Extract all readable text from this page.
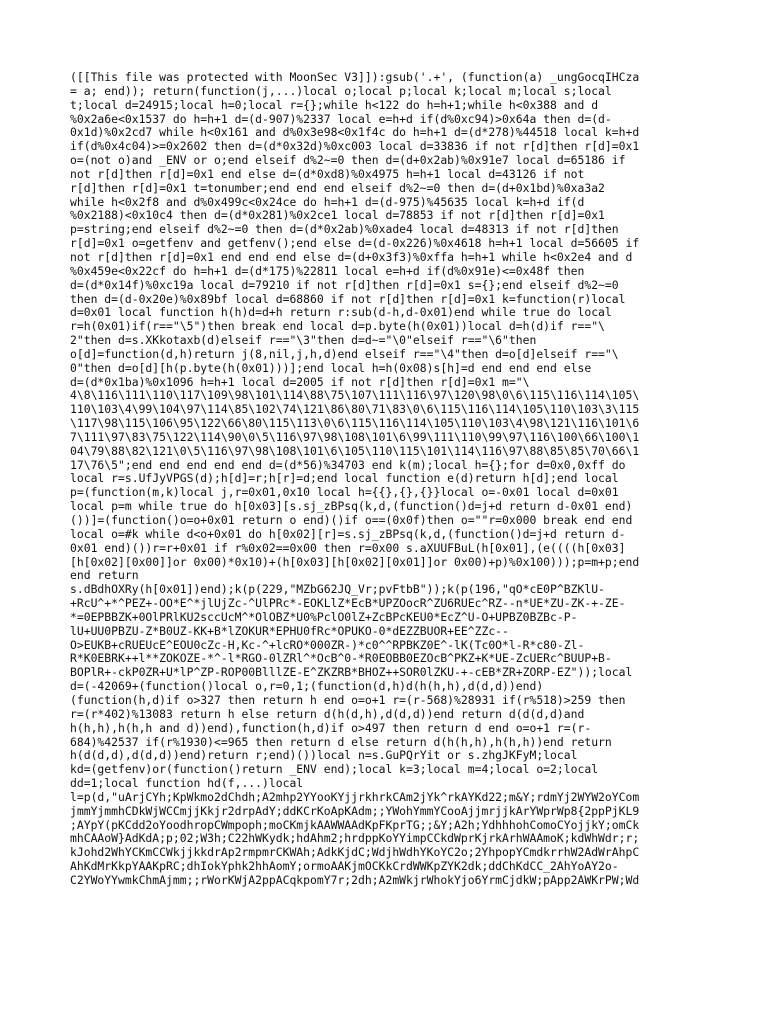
([[This file was protected with MoonSec V3]]):gsub('.+', (function(a) _ungGocqIHCza
= a; end)); return(function(j,...)local o;local p;local k;local m;local s;local
t;local d=24915;local h=0;local r={};while h<122 do h=h+1;while h<0x388 and d
%0x2a6e<0x1537 do h=h+1 d=(d-907)%2337 local e=h+d if(d%0xc94)>0x64a then d=(d-
0x1d)%0x2cd7 while h<0x161 and d%0x3e98<0x1f4c do h=h+1 d=(d*278)%44518 local k=h+d
if(d%0x4c04)>=0x2602 then d=(d*0x32d)%0xc003 local d=33836 if not r[d]then r[d]=0x1
o=(not o)and _ENV or o;end elseif d%2~=0 then d=(d+0x2ab)%0x91e7 local d=65186 if
not r[d]then r[d]=0x1 end else d=(d*0xd8)%0x4975 h=h+1 local d=43126 if not
r[d]then r[d]=0x1 t=tonumber;end end end elseif d%2~=0 then d=(d+0x1bd)%0xa3a2
while h<0x2f8 and d%0x499c<0x24ce do h=h+1 d=(d-975)%45635 local k=h+d if(d
%0x2188)<0x10c4 then d=(d*0x281)%0x2ce1 local d=78853 if not r[d]then r[d]=0x1
p=string;end elseif d%2~=0 then d=(d*0x2ab)%0xade4 local d=48313 if not r[d]then
r[d]=0x1 o=getfenv and getfenv();end else d=(d-0x226)%0x4618 h=h+1 local d=56605 if
not r[d]then r[d]=0x1 end end end else d=(d+0x3f3)%0xffa h=h+1 while h<0x2e4 and d
%0x459e<0x22cf do h=h+1 d=(d*175)%22811 local e=h+d if(d%0x91e)<=0x48f then
d=(d*0x14f)%0xc19a local d=79210 if not r[d]then r[d]=0x1 s={};end elseif d%2~=0
then d=(d-0x20e)%0x89bf local d=68860 if not r[d]then r[d]=0x1 k=function(r)local
d=0x01 local function h(h)d=d+h return r:sub(d-h,d-0x01)end while true do local
r=h(0x01)if(r=="\5")then break end local d=p.byte(h(0x01))local d=h(d)if r=="\
2"then d=s.XKkotaxb(d)elseif r=="\3"then d=d~="\0"elseif r=="\6"then
o[d]=function(d,h)return j(8,nil,j,h,d)end elseif r=="\4"then d=o[d]elseif r=="\
0"then d=o[d][h(p.byte(h(0x01)))];end local h=h(0x08)s[h]=d end end end else
d=(d*0x1ba)%0x1096 h=h+1 local d=2005 if not r[d]then r[d]=0x1 m="\
4\8\116\111\110\117\109\98\101\114\88\75\107\111\116\97\120\98\0\6\115\116\114\105\
110\103\4\99\104\97\114\85\102\74\121\86\80\71\83\0\6\115\116\114\105\110\103\3\115
\117\98\115\106\95\122\66\80\115\113\0\6\115\116\114\105\110\103\4\98\121\116\101\6
7\111\97\83\75\122\114\90\0\5\116\97\98\108\101\6\99\111\110\99\97\116\100\66\100\1
04\79\88\82\121\0\5\116\97\98\108\101\6\105\110\115\101\114\116\97\88\85\85\70\66\1
17\76\5";end end end end end d=(d*56)%34703 end k(m);local h={};for d=0x0,0xff do
local r=s.UfJyVPGS(d);h[d]=r;h[r]=d;end local function e(d)return h[d];end local
p=(function(m,k)local j,r=0x01,0x10 local h={{},{},{}}local o=-0x01 local d=0x01
local p=m while true do h[0x03][s.sj_zBPsq(k,d,(function()d=j+d return d-0x01 end)
())]=(function()o=o+0x01 return o end)()if o==(0x0f)then o=""r=0x000 break end end
local o=#k while d<o+0x01 do h[0x02][r]=s.sj_zBPsq(k,d,(function()d=j+d return d-
0x01 end)())r=r+0x01 if r%0x02==0x00 then r=0x00 s.aXUUFBuL(h[0x01],(e((((h[0x03]
[h[0x02][0x00]]or 0x00)*0x10)+(h[0x03][h[0x02][0x01]]or 0x00)+p)%0x100)));p=m+p;end
end return
s.dBdhOXRy(h[0x01])end);k(p(229,"MZbG62JQ_Vr;pvFtbB"));k(p(196,"qO*cE0P^BZKlU-
+RcU^+*^PEZ+-OO*E^*jlUjZc-^UlPRc*-EOKLlZ*EcB*UPZOocR^ZU6RUEc^RZ--n*UE*ZU-ZK-+-ZE-
*=0EPBBZK+0OlPRlKU2sccUcM^*OlOBZ*U0%PclO0lZ+ZcBPcKEU0*EcZ^U-O+UPBZ0BZBc-P-
lU+UU0PBZU-Z*B0UZ-KK+B*lZOKUR*EPHU0fRc*OPUKO-0*dEZZBUOR+EE^ZZc--
O>EUKB+cRUEUcE^EOU0cZc-H,Kc-^+lcRO*000ZR-)*c0^^RPBKZ0E^-lK(Tc0O*l-R*c80-Zl-
R*K0EBRK++l**ZOKOZE-*^-l*RGO-0lZRl^*OcB^0-*R0EOBB0EZOcB^PKZ+K*UE-ZcUERc^BUUP+B-
BOPlR+-ckP0ZR+U*lP^ZP-ROP00BlllZE-E^ZKZRB*BHOZ++SOR0lZKU-+-cEB*ZR+ZORP-EZ"));local
d=(-42069+(function()local o,r=0,1;(function(d,h)d(h(h,h),d(d,d))end)
(function(h,d)if o>327 then return h end o=o+1 r=(r-568)%28931 if(r%518)>259 then
r=(r*402)%13083 return h else return d(h(d,h),d(d,d))end return d(d(d,d)and
h(h,h),h(h,h and d))end),function(h,d)if o>497 then return d end o=o+1 r=(r-
684)%42537 if(r%1930)<=965 then return d else return d(h(h,h),h(h,h))end return
h(d(d,d),d(d,d))end)return r;end)())local n=s.GuPQrYit or s.zhgJKFyM;local
kd=(getfenv)or(function()return _ENV end);local k=3;local m=4;local o=2;local
dd=1;local function hd(f,...)local
l=p(d,"uArjCYh;KpWkmo2dChdh;A2mhp2YYooKYjjrkhrkCAm2jYk^rkAYKd22;m&Y;rdmYj2WYW2oYCom
jmmYjmmhCDkWjWCCmjjKkjr2drpAdY;ddKCrKoApKAdm;;YWohYmmYCooAjjmrjjkArYWprWp8{2ppPjKL9
;AYpY(pKCdd2oYoodhropCWmpoph;moCKmjkAAWWAAdKpFKprTG;;&Y;A2h;YdhhhohComoCYojjkY;omCk
mhCAAoW}AdKdA;p;02;W3h;C22hWKydk;hdAhm2;hrdppKoYYimpCCkdWprKjrkArhWAAmoK;kdWhWdr;r;
kJohd2WhYCKmCCWkjjkkdrAp2rmpmrCKWAh;AdkKjdC;WdjhWdhYKoYC2o;2YhpopYCmdkrrhW2AdWrAhpC
AhKdMrKkpYAAKpRC;dhIokYphk2hhAomY;ormoAAKjmOCKkCrdWWKpZYK2dk;ddChKdCC_2AhYoAY2o-
C2YWoYYwmkChmAjmm;;rWorKWjA2ppACqkpomY7r;2dh;A2mWkjrWhokYjo6YrmCjdkW;pApp2AWKrPW;Wd
